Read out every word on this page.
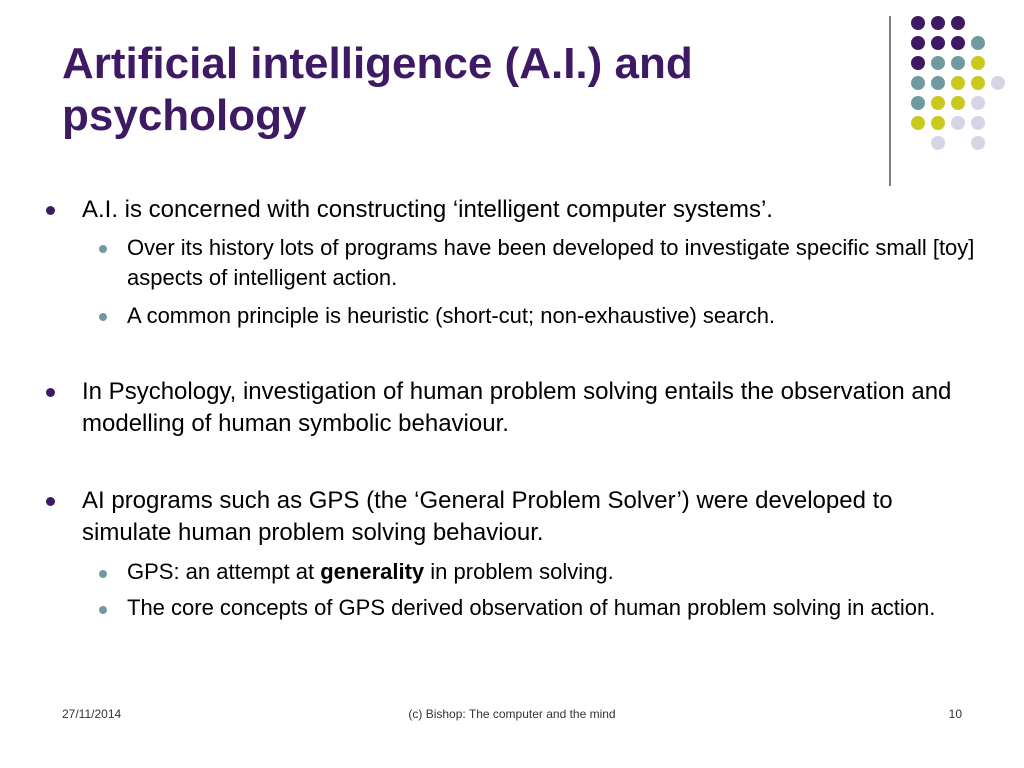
Artificial intelligence (A.I.) and psychology
A.I. is concerned with constructing ‘intelligent computer systems’.
Over its history lots of programs have been developed to investigate specific small [toy] aspects of intelligent action.
A common principle is heuristic (short-cut; non-exhaustive) search.
In Psychology, investigation of human problem solving entails the observation and modelling of human symbolic behaviour.
AI programs such as GPS (the ‘General Problem Solver’) were developed to simulate human problem solving behaviour.
GPS: an attempt at generality in problem solving.
The core concepts of GPS derived observation of human problem solving in action.
27/11/2014	(c) Bishop: The computer and the mind	10
